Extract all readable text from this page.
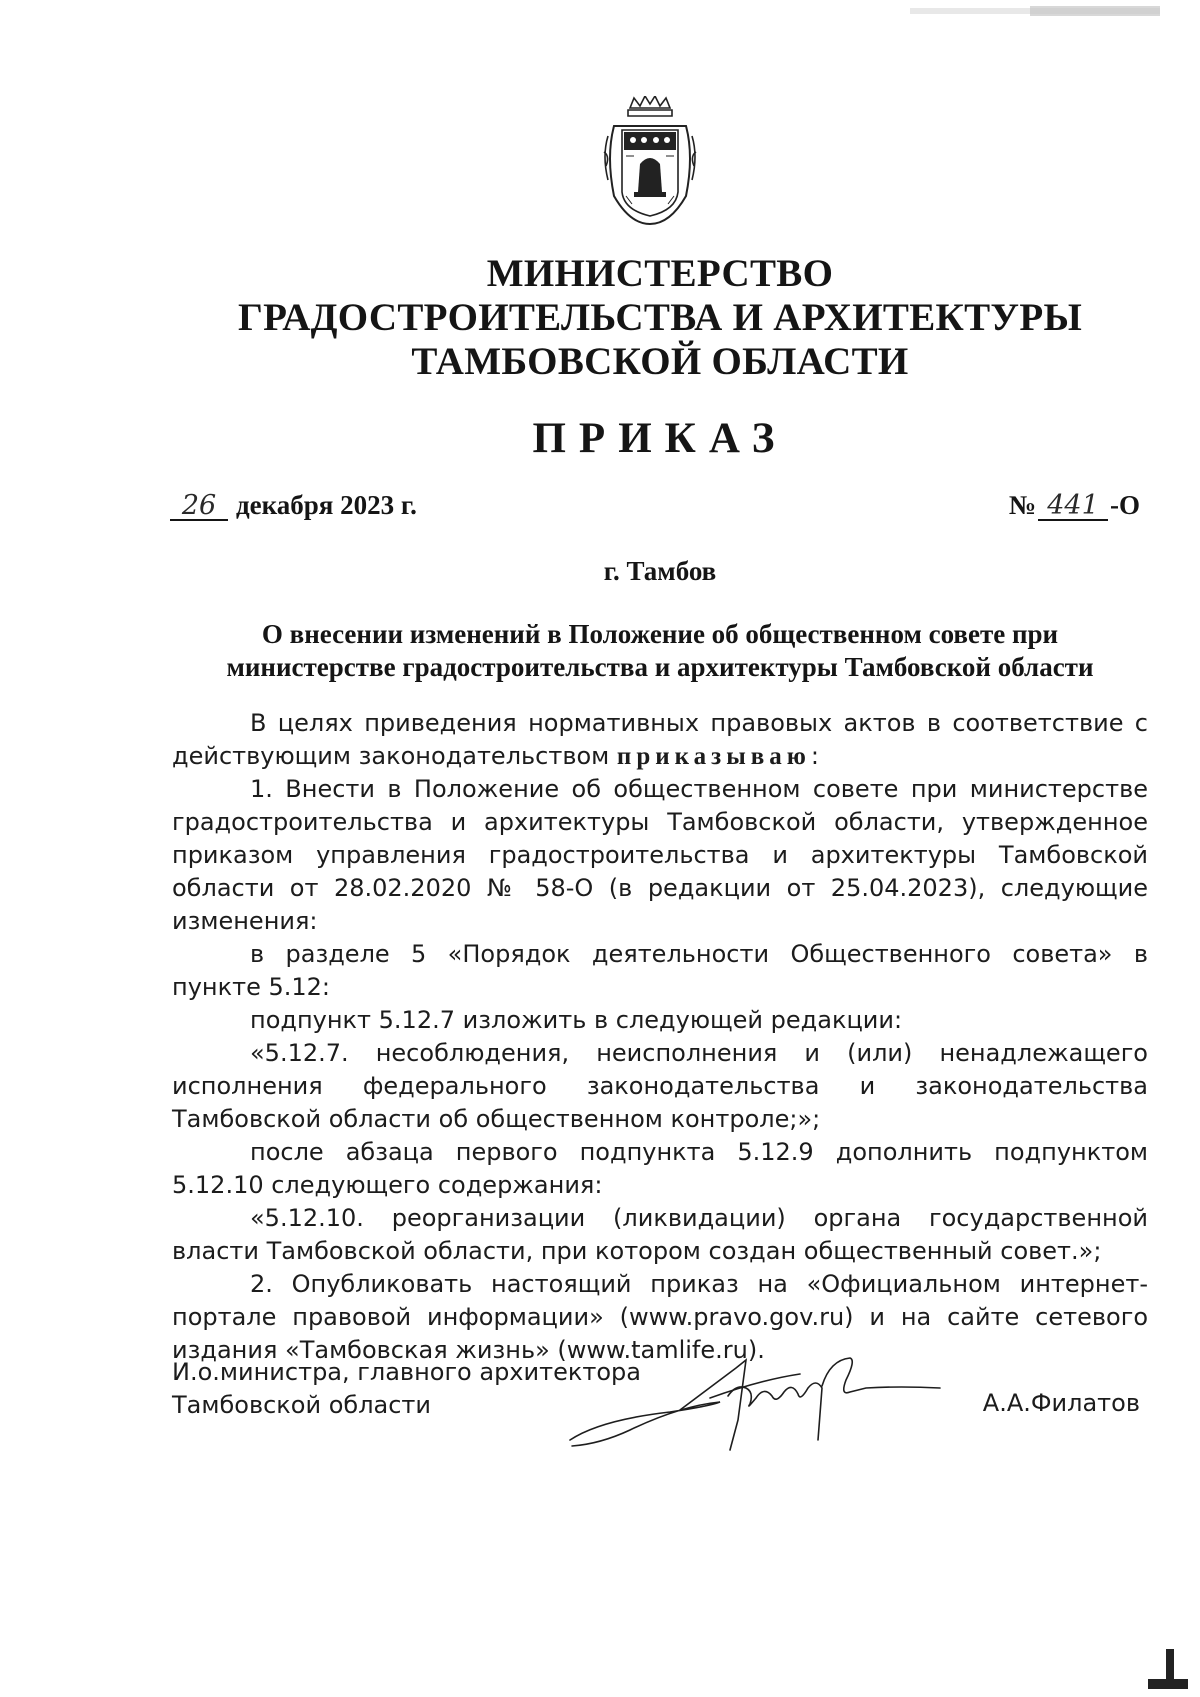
МИНИСТЕРСТВО
ГРАДОСТРОИТЕЛЬСТВА И АРХИТЕКТУРЫ
ТАМБОВСКОЙ ОБЛАСТИ
ПРИКАЗ
26 декабря 2023 г.	№ 441 -О
г. Тамбов
О внесении изменений в Положение об общественном совете при
министерстве градостроительства и архитектуры Тамбовской области

В целях приведения нормативных правовых актов в соответствие с действующим законодательством приказываю:

1. Внести в Положение об общественном совете при министерстве градостроительства и архитектуры Тамбовской области, утвержденное приказом управления градостроительства и архитектуры Тамбовской области от 28.02.2020 № 58-О (в редакции от 25.04.2023), следующие изменения:

в разделе 5 «Порядок деятельности Общественного совета» в пункте 5.12:

подпункт 5.12.7 изложить в следующей редакции:

«5.12.7. несоблюдения, неисполнения и (или) ненадлежащего исполнения федерального законодательства и законодательства Тамбовской области об общественном контроле;»;

после абзаца первого подпункта 5.12.9 дополнить подпунктом 5.12.10 следующего содержания:

«5.12.10. реорганизации (ликвидации) органа государственной власти Тамбовской области, при котором создан общественный совет.»;

2. Опубликовать настоящий приказ на «Официальном интернет-портале правовой информации» (www.pravo.gov.ru) и на сайте сетевого издания «Тамбовская жизнь» (www.tamlife.ru).

И.о.министра, главного архитектора
Тамбовской области	А.А.Филатов
